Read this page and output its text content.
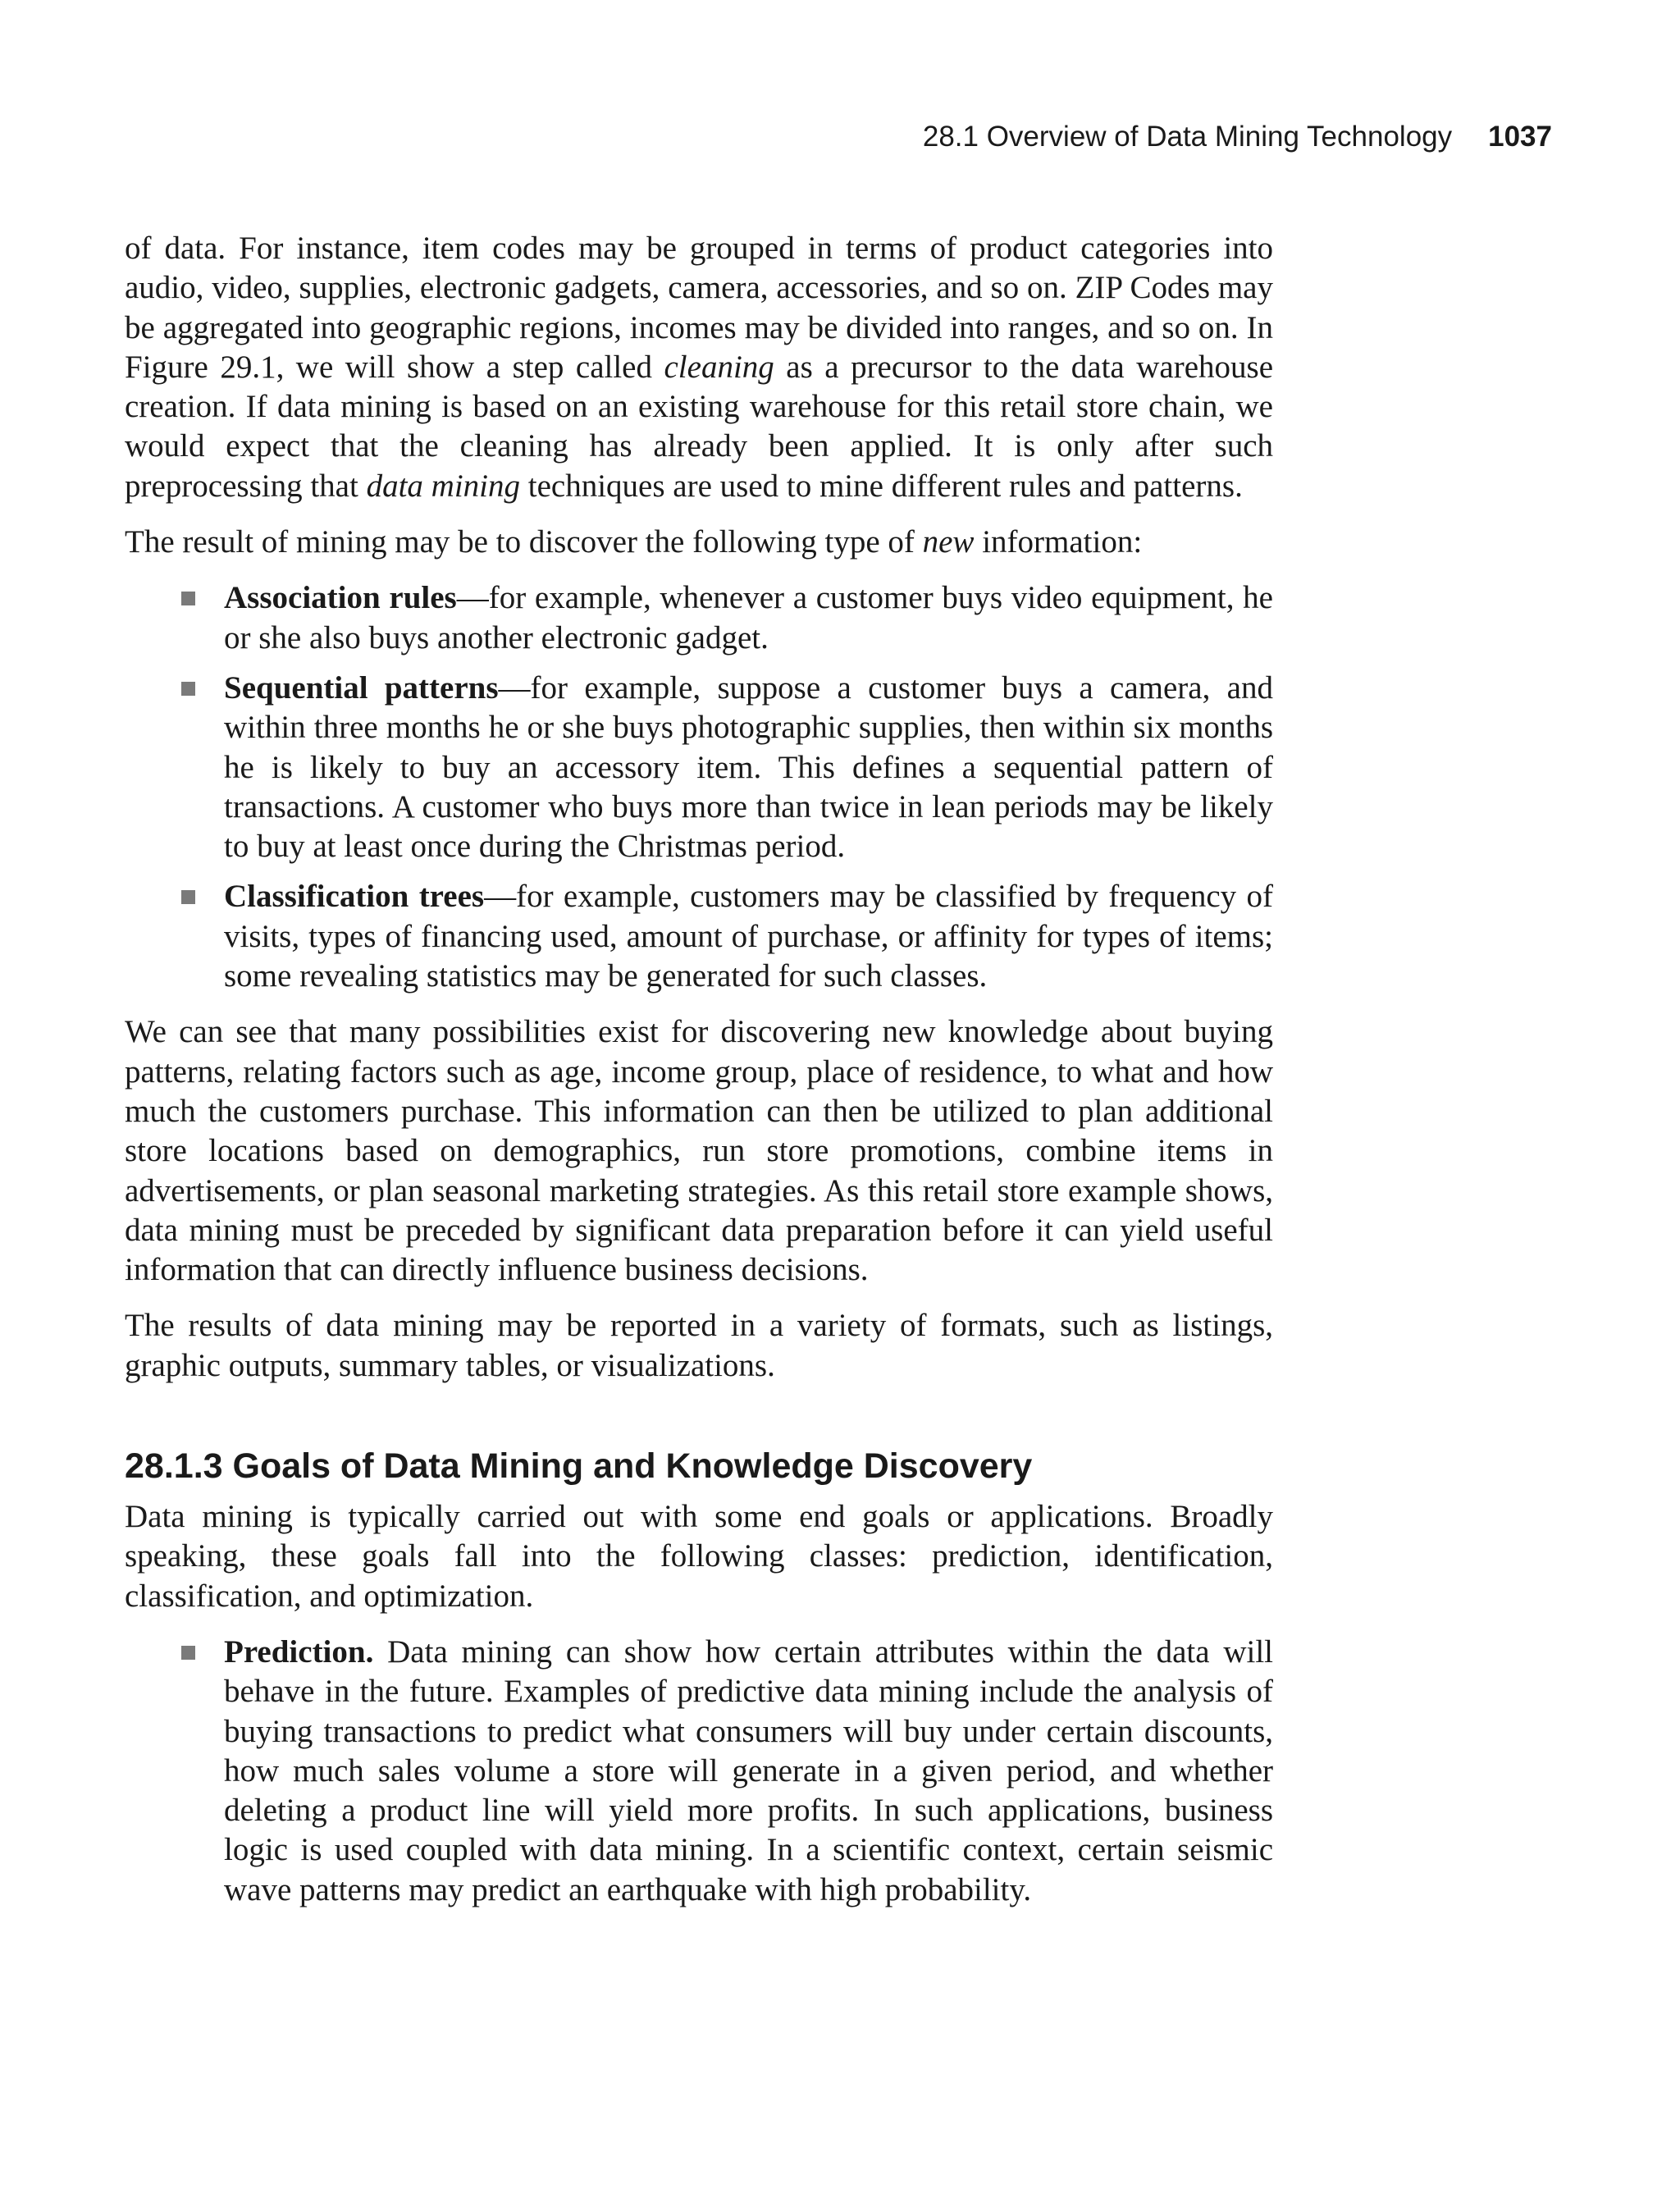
28.1 Overview of Data Mining Technology 1037

of data. For instance, item codes may be grouped in terms of product categories into audio, video, supplies, electronic gadgets, camera, accessories, and so on. ZIP Codes may be aggregated into geographic regions, incomes may be divided into ranges, and so on. In Figure 29.1, we will show a step called cleaning as a precursor to the data warehouse creation. If data mining is based on an existing warehouse for this retail store chain, we would expect that the cleaning has already been applied. It is only after such preprocessing that data mining techniques are used to mine different rules and patterns.

The result of mining may be to discover the following type of new information:

Association rules—for example, whenever a customer buys video equipment, he or she also buys another electronic gadget.
Sequential patterns—for example, suppose a customer buys a camera, and within three months he or she buys photographic supplies, then within six months he is likely to buy an accessory item. This defines a sequential pattern of transactions. A customer who buys more than twice in lean periods may be likely to buy at least once during the Christmas period.
Classification trees—for example, customers may be classified by frequency of visits, types of financing used, amount of purchase, or affinity for types of items; some revealing statistics may be generated for such classes.

We can see that many possibilities exist for discovering new knowledge about buying patterns, relating factors such as age, income group, place of residence, to what and how much the customers purchase. This information can then be utilized to plan additional store locations based on demographics, run store promotions, combine items in advertisements, or plan seasonal marketing strategies. As this retail store example shows, data mining must be preceded by significant data preparation before it can yield useful information that can directly influence business decisions.

The results of data mining may be reported in a variety of formats, such as listings, graphic outputs, summary tables, or visualizations.

28.1.3 Goals of Data Mining and Knowledge Discovery

Data mining is typically carried out with some end goals or applications. Broadly speaking, these goals fall into the following classes: prediction, identification, classification, and optimization.

Prediction. Data mining can show how certain attributes within the data will behave in the future. Examples of predictive data mining include the analysis of buying transactions to predict what consumers will buy under certain discounts, how much sales volume a store will generate in a given period, and whether deleting a product line will yield more profits. In such applications, business logic is used coupled with data mining. In a scientific context, certain seismic wave patterns may predict an earthquake with high probability.
